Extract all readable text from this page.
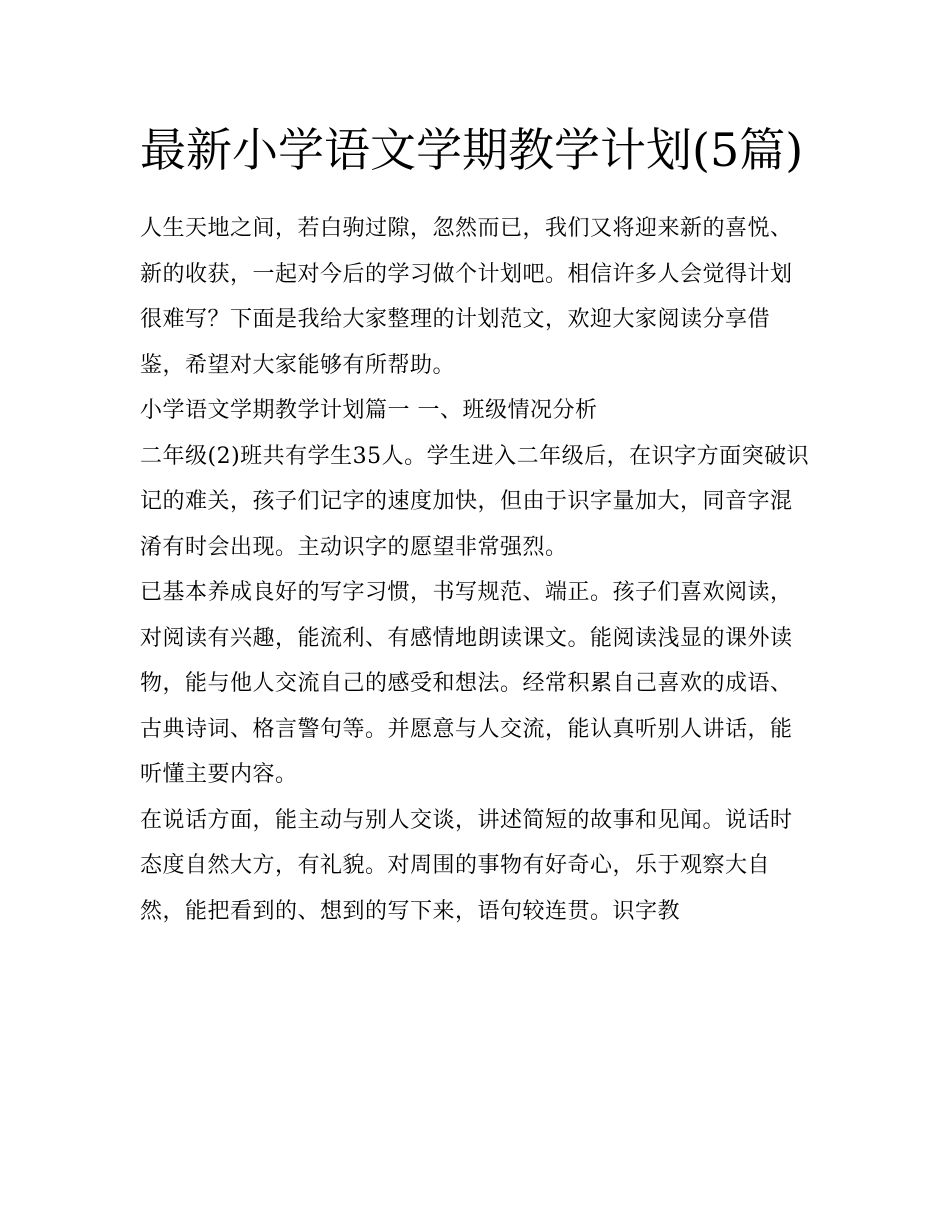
最新小学语文学期教学计划(5篇)

人生天地之间，若白驹过隙，忽然而已，我们又将迎来新的喜悦、新的收获，一起对今后的学习做个计划吧。相信许多人会觉得计划很难写？下面是我给大家整理的计划范文，欢迎大家阅读分享借鉴，希望对大家能够有所帮助。

小学语文学期教学计划篇一 一、班级情况分析

二年级(2)班共有学生35人。学生进入二年级后，在识字方面突破识记的难关，孩子们记字的速度加快，但由于识字量加大，同音字混淆有时会出现。主动识字的愿望非常强烈。

已基本养成良好的写字习惯，书写规范、端正。孩子们喜欢阅读，对阅读有兴趣，能流利、有感情地朗读课文。能阅读浅显的课外读物，能与他人交流自己的感受和想法。经常积累自己喜欢的成语、古典诗词、格言警句等。并愿意与人交流，能认真听别人讲话，能听懂主要内容。

在说话方面，能主动与别人交谈，讲述简短的故事和见闻。说话时态度自然大方，有礼貌。对周围的事物有好奇心，乐于观察大自然，能把看到的、想到的写下来，语句较连贯。识字教
